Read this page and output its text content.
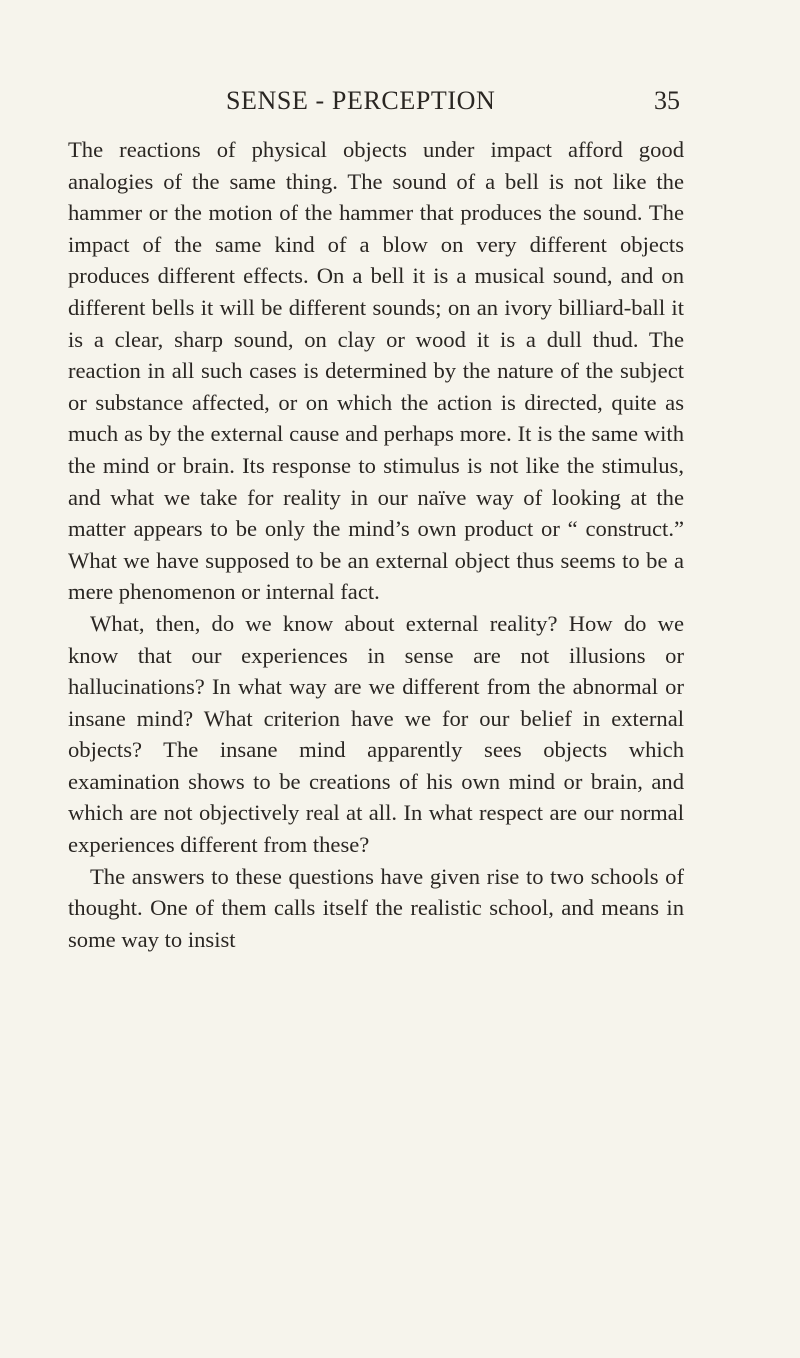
SENSE - PERCEPTION	35

The reactions of physical objects under impact afford good analogies of the same thing. The sound of a bell is not like the hammer or the motion of the hammer that produces the sound. The impact of the same kind of a blow on very different objects produces different effects. On a bell it is a musical sound, and on different bells it will be different sounds; on an ivory billiard-ball it is a clear, sharp sound, on clay or wood it is a dull thud. The reaction in all such cases is determined by the nature of the subject or substance affected, or on which the action is directed, quite as much as by the external cause and perhaps more. It is the same with the mind or brain. Its response to stimulus is not like the stimulus, and what we take for reality in our naïve way of looking at the matter appears to be only the mind’s own product or “ construct.” What we have supposed to be an external object thus seems to be a mere phenomenon or internal fact.

What, then, do we know about external reality? How do we know that our experiences in sense are not illusions or hallucinations? In what way are we different from the abnormal or insane mind? What criterion have we for our belief in external objects? The insane mind apparently sees objects which examination shows to be creations of his own mind or brain, and which are not objectively real at all. In what respect are our normal experiences different from these?

The answers to these questions have given rise to two schools of thought. One of them calls itself the realistic school, and means in some way to insist
